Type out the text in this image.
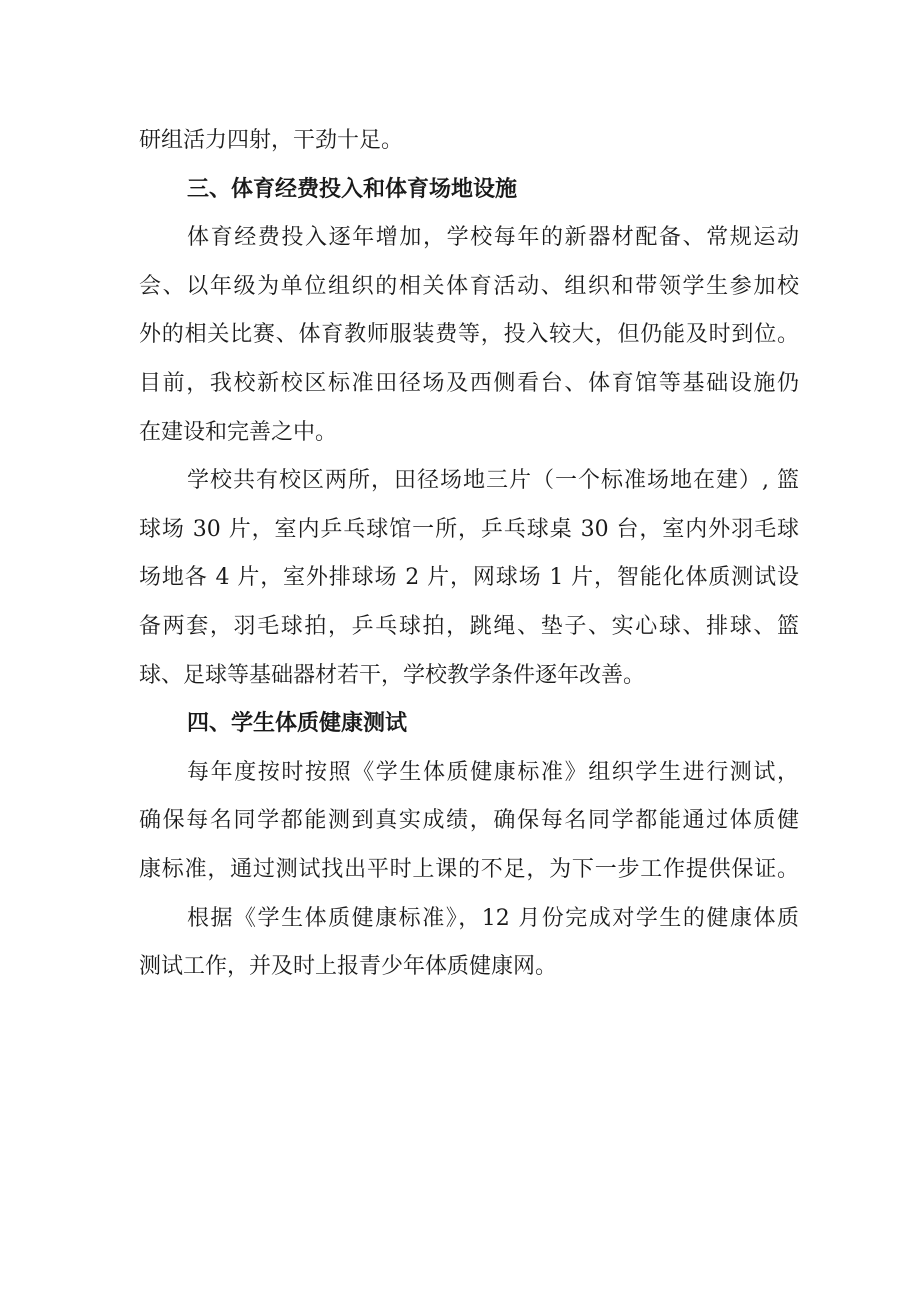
研组活力四射，干劲十足。
三、体育经费投入和体育场地设施
体育经费投入逐年增加，学校每年的新器材配备、常规运动
会、以年级为单位组织的相关体育活动、组织和带领学生参加校
外的相关比赛、体育教师服装费等，投入较大，但仍能及时到位。
目前，我校新校区标准田径场及西侧看台、体育馆等基础设施仍
在建设和完善之中。
学校共有校区两所，田径场地三片（一个标准场地在建）, 篮
球场 30 片，室内乒乓球馆一所，乒乓球桌 30 台，室内外羽毛球
场地各 4 片，室外排球场 2 片，网球场 1 片，智能化体质测试设
备两套，羽毛球拍，乒乓球拍，跳绳、垫子、实心球、排球、篮
球、足球等基础器材若干，学校教学条件逐年改善。
四、学生体质健康测试
每年度按时按照《学生体质健康标准》组织学生进行测试，
确保每名同学都能测到真实成绩，确保每名同学都能通过体质健
康标准，通过测试找出平时上课的不足，为下一步工作提供保证。
根据《学生体质健康标准》，12 月份完成对学生的健康体质
测试工作，并及时上报青少年体质健康网。
